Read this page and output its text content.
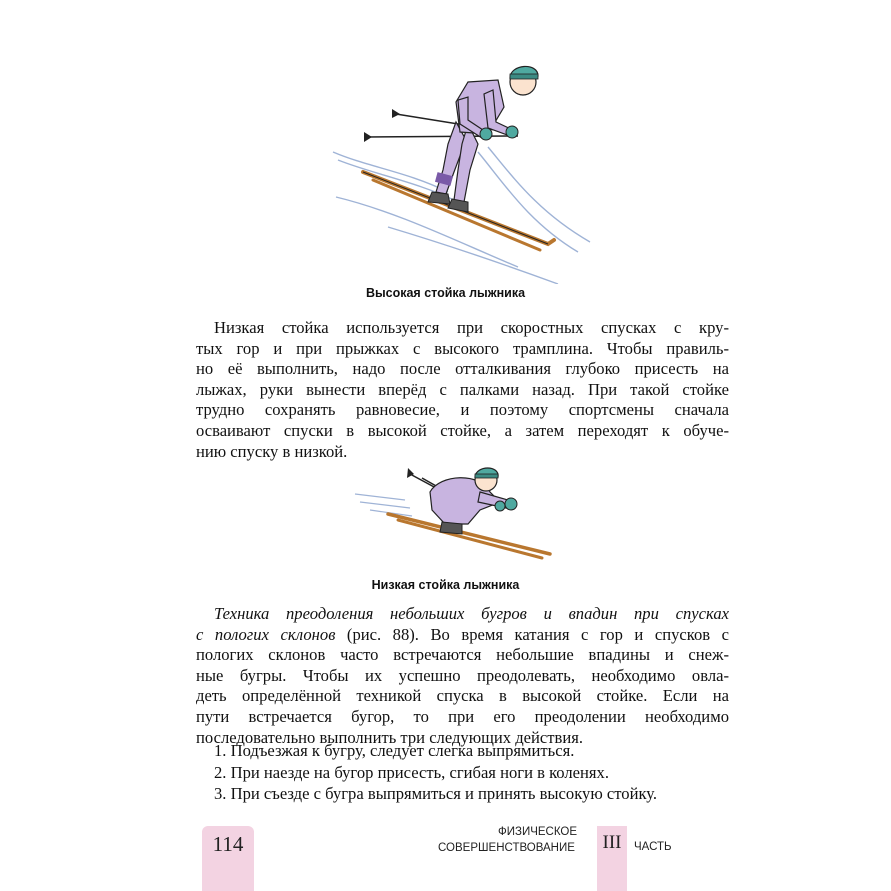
Высокая стойка лыжника
Низкая стойка используется при скоростных спусках с кру-
тых гор и при прыжках с высокого трамплина. Чтобы правиль-
но её выполнить, надо после отталкивания глубоко присесть на
лыжах, руки вынести вперёд с палками назад. При такой стойке
трудно сохранять равновесие, и поэтому спортсмены сначала
осваивают спуски в высокой стойке, а затем переходят к обуче-
нию спуску в низкой.
Низкая стойка лыжника
Техника преодоления небольших бугров и впадин при спусках
с пологих склонов (рис. 88). Во время катания с гор и спусков с
пологих склонов часто встречаются небольшие впадины и снеж-
ные бугры. Чтобы их успешно преодолевать, необходимо овла-
деть определённой техникой спуска в высокой стойке. Если на
пути встречается бугор, то при его преодолении необходимо
последовательно выполнить три следующих действия.
1. Подъезжая к бугру, следует слегка выпрямиться.
2. При наезде на бугор присесть, сгибая ноги в коленях.
3. При съезде с бугра выпрямиться и принять высокую стойку.
114	ФИЗИЧЕСКОЕ
СОВЕРШЕНСТВОВАНИЕ III	ЧАСТЬ
